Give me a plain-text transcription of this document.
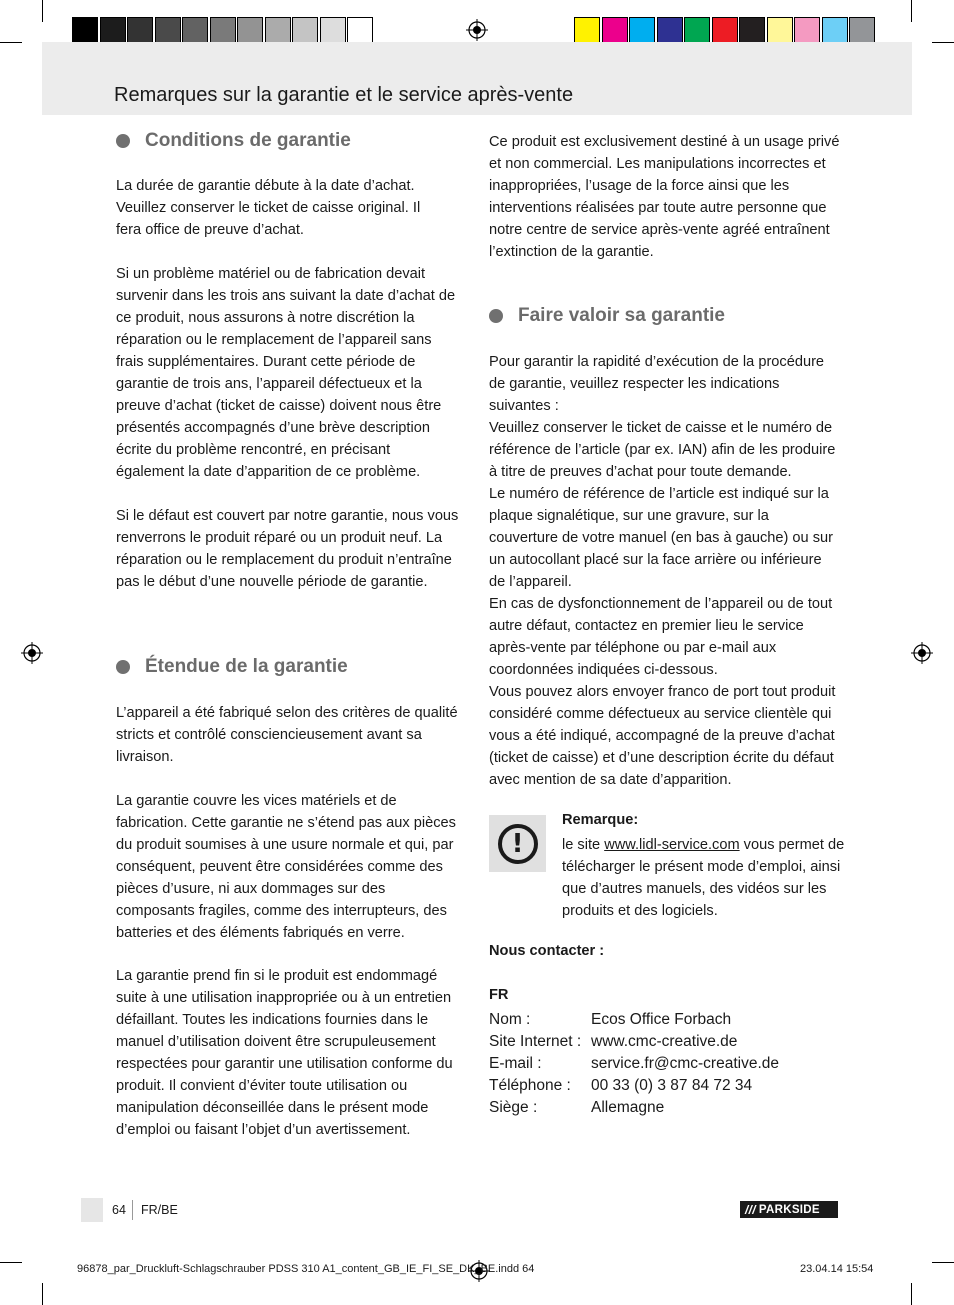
Remarques sur la garantie et le service après-vente
Conditions de garantie

La durée de garantie débute à la date d’achat. Veuillez conserver le ticket de caisse original. Il fera office de preuve d’achat.

Si un problème matériel ou de fabrication devait survenir dans les trois ans suivant la date d’achat de ce produit, nous assurons à notre discrétion la réparation ou le remplacement de l’appareil sans frais supplémentaires. Durant cette période de garantie de trois ans, l’appareil défectueux et la preuve d’achat (ticket de caisse) doivent nous être présentés accompagnés d’une brève description écrite du problème rencontré, en précisant également la date d’apparition de ce problème.

Si le défaut est couvert par notre garantie, nous vous renverrons le produit réparé ou un produit neuf. La réparation ou le remplacement du produit n’entraîne pas le début d’une nouvelle période de garantie.

Étendue de la garantie

L’appareil a été fabriqué selon des critères de qualité stricts et contrôlé consciencieusement avant sa livraison.

La garantie couvre les vices matériels et de fabrication. Cette garantie ne s’étend pas aux pièces du produit soumises à une usure normale et qui, par conséquent, peuvent être considérées comme des pièces d’usure, ni aux dommages sur des composants fragiles, comme des interrupteurs, des batteries et des éléments fabriqués en verre.

La garantie prend fin si le produit est endommagé suite à une utilisation inappropriée ou à un entretien défaillant. Toutes les indications fournies dans le manuel d’utilisation doivent être scrupuleusement respectées pour garantir une utilisation conforme du produit. Il convient d’éviter toute utilisation ou manipulation déconseillée dans le présent mode d’emploi ou faisant l’objet d’un avertissement.

Ce produit est exclusivement destiné à un usage privé et non commercial. Les manipulations incorrectes et inappropriées, l’usage de la force ainsi que les interventions réalisées par toute autre personne que notre centre de service après-vente agréé entraînent l’extinction de la garantie.

Faire valoir sa garantie

Pour garantir la rapidité d’exécution de la procédure de garantie, veuillez respecter les indications suivantes :
Veuillez conserver le ticket de caisse et le numéro de référence de l’article (par ex. IAN) afin de les produire à titre de preuves d’achat pour toute demande.
Le numéro de référence de l’article est indiqué sur la plaque signalétique, sur une gravure, sur la couverture de votre manuel (en bas à gauche) ou sur un autocollant placé sur la face arrière ou inférieure de l’appareil.
En cas de dysfonctionnement de l’appareil ou de tout autre défaut, contactez en premier lieu le service après-vente par téléphone ou par e-mail aux coordonnées indiquées ci-dessous.
Vous pouvez alors envoyer franco de port tout produit considéré comme défectueux au service clientèle qui vous a été indiqué, accompagné de la preuve d’achat (ticket de caisse) et d’une description écrite du défaut avec mention de sa date d’apparition.

!
Remarque:

le site www.lidl-service.com vous permet de télécharger le présent mode d’emploi, ainsi que d’autres manuels, des vidéos sur les produits et des logiciels.

Nous contacter :
FR
Nom :	Ecos Office Forbach
Site Internet : www.cmc-creative.de
E-mail :	service.fr@cmc-creative.de
Téléphone :	00 33 (0) 3 87 84 72 34
Siège :	Allemagne
64 FR/BE	/// PARKSIDE
96878_par_Druckluft-Schlagschrauber PDSS 310 A1_content_GB_IE_FI_SE_DK_BE.indd 64	23.04.14 15:54
